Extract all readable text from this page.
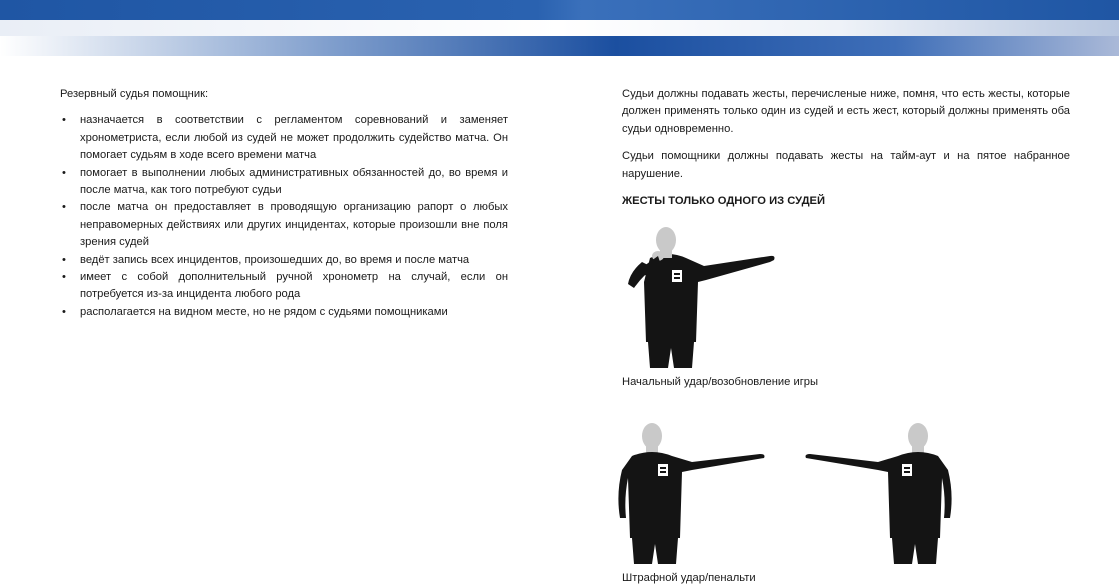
Резервный судья помощник:
• назначается в соответствии с регламентом соревнований и заменяет хронометриста, если любой из судей не может продолжить судейство матча. Он помогает судьям в ходе всего времени матча
• помогает в выполнении любых административных обязанностей до, во время и после матча, как того потребуют судьи
• после матча он предоставляет в проводящую организацию рапорт о любых неправомерных действиях или других инцидентах, которые произошли вне поля зрения судей
• ведёт запись всех инцидентов, произошедших до, во время и после матча
• имеет с собой дополнительный ручной хронометр на случай, если он потребуется из-за инцидента любого рода
• располагается на видном месте, но не рядом с судьями помощниками

Судьи должны подавать жесты, перечисленые ниже, помня, что есть жесты, которые должен применять только один из судей и есть жест, который должны применять оба судьи одновременно.

Судьи помощники должны подавать жесты на тайм-аут и на пятое набранное нарушение.

ЖЕСТЫ ТОЛЬКО ОДНОГО ИЗ СУДЕЙ
Начальный удар/возобновление игры
Штрафной удар/пенальти
